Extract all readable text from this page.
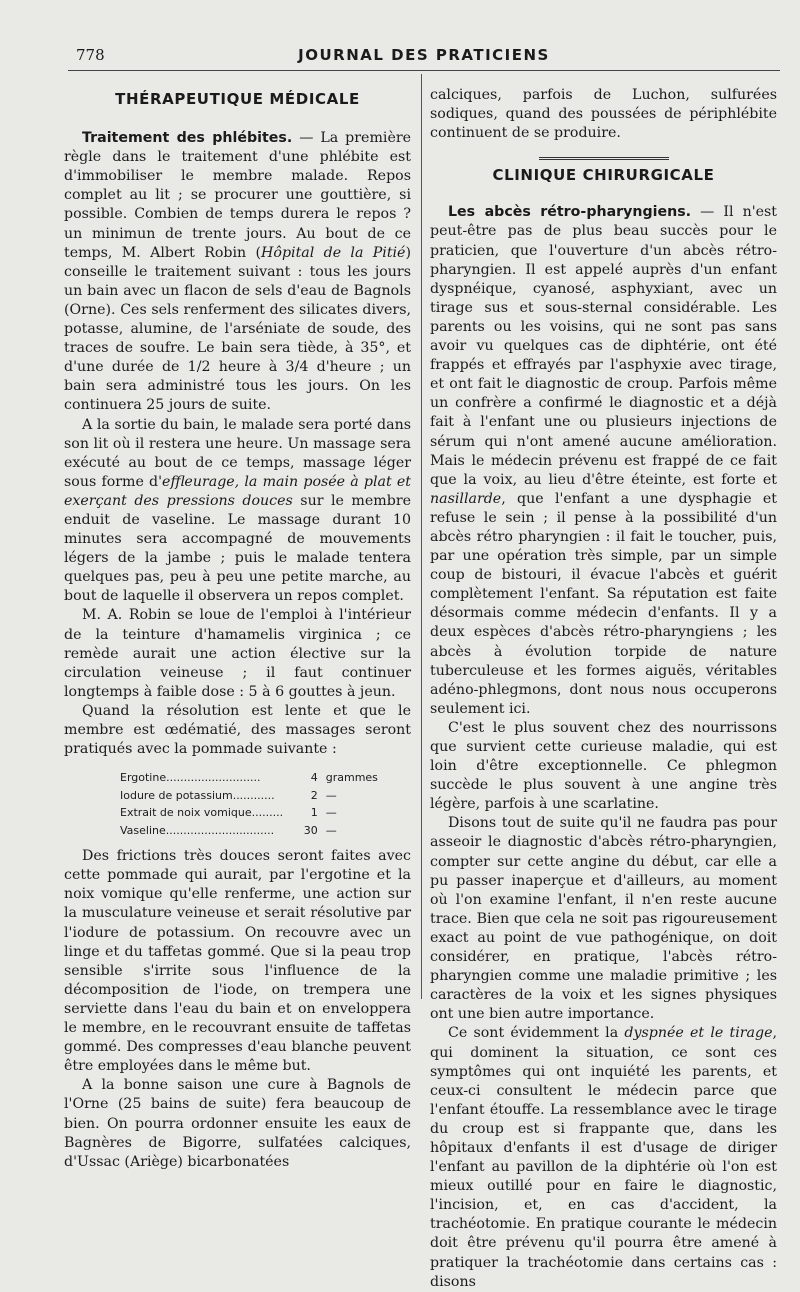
778	JOURNAL DES PRATICIENS
THÉRAPEUTIQUE MÉDICALE

Traitement des phlébites. — La première règle dans le traitement d'une phlébite est d'immobiliser le membre malade. Repos complet au lit ; se procurer une gouttière, si possible. Combien de temps durera le repos ? un minimun de trente jours. Au bout de ce temps, M. Albert Robin (Hôpital de la Pitié) conseille le traitement suivant : tous les jours un bain avec un flacon de sels d'eau de Bagnols (Orne). Ces sels renferment des silicates divers, potasse, alumine, de l'arséniate de soude, des traces de soufre. Le bain sera tiède, à 35°, et d'une durée de 1/2 heure à 3/4 d'heure ; un bain sera administré tous les jours. On les continuera 25 jours de suite.

A la sortie du bain, le malade sera porté dans son lit où il restera une heure. Un massage sera exécuté au bout de ce temps, massage léger sous forme d'effleurage, la main posée à plat et exerçant des pressions douces sur le membre enduit de vaseline. Le massage durant 10 minutes sera accompagné de mouvements légers de la jambe ; puis le malade tentera quelques pas, peu à peu une petite marche, au bout de laquelle il observera un repos complet.

M. A. Robin se loue de l'emploi à l'intérieur de la teinture d'hamamelis virginica ; ce remède aurait une action élective sur la circulation veineuse ; il faut continuer longtemps à faible dose : 5 à 6 gouttes à jeun.

Quand la résolution est lente et que le membre est œdématié, des massages seront pratiqués avec la pommade suivante :

Ergotine...........................	4 grammes
Iodure de potassium............	2 —
Extrait de noix vomique.........	1 —
Vaseline...............................	30 —

Des frictions très douces seront faites avec cette pommade qui aurait, par l'ergotine et la noix vomique qu'elle renferme, une action sur la musculature veineuse et serait résolutive par l'iodure de potassium. On recouvre avec un linge et du taffetas gommé. Que si la peau trop sensible s'irrite sous l'influence de la décomposition de l'iode, on trempera une serviette dans l'eau du bain et on enveloppera le membre, en le recouvrant ensuite de taffetas gommé. Des compresses d'eau blanche peuvent être employées dans le même but.

A la bonne saison une cure à Bagnols de l'Orne (25 bains de suite) fera beaucoup de bien. On pourra ordonner ensuite les eaux de Bagnères de Bigorre, sulfatées calciques, d'Ussac (Ariège) bicarbonatées

calciques, parfois de Luchon, sulfurées sodiques, quand des poussées de périphlébite continuent de se produire.

CLINIQUE CHIRURGICALE

Les abcès rétro-pharyngiens. — Il n'est peut-être pas de plus beau succès pour le praticien, que l'ouverture d'un abcès rétro-pharyngien. Il est appelé auprès d'un enfant dyspnéique, cyanosé, asphyxiant, avec un tirage sus et sous-sternal considérable. Les parents ou les voisins, qui ne sont pas sans avoir vu quelques cas de diphtérie, ont été frappés et effrayés par l'asphyxie avec tirage, et ont fait le diagnostic de croup. Parfois même un confrère a confirmé le diagnostic et a déjà fait à l'enfant une ou plusieurs injections de sérum qui n'ont amené aucune amélioration. Mais le médecin prévenu est frappé de ce fait que la voix, au lieu d'être éteinte, est forte et nasillarde, que l'enfant a une dysphagie et refuse le sein ; il pense à la possibilité d'un abcès rétro pharyngien : il fait le toucher, puis, par une opération très simple, par un simple coup de bistouri, il évacue l'abcès et guérit complètement l'enfant. Sa réputation est faite désormais comme médecin d'enfants. Il y a deux espèces d'abcès rétro-pharyngiens ; les abcès à évolution torpide de nature tuberculeuse et les formes aiguës, véritables adéno-phlegmons, dont nous nous occuperons seulement ici.

C'est le plus souvent chez des nourrissons que survient cette curieuse maladie, qui est loin d'être exceptionnelle. Ce phlegmon succède le plus souvent à une angine très légère, parfois à une scarlatine.

Disons tout de suite qu'il ne faudra pas pour asseoir le diagnostic d'abcès rétro-pharyngien, compter sur cette angine du début, car elle a pu passer inaperçue et d'ailleurs, au moment où l'on examine l'enfant, il n'en reste aucune trace. Bien que cela ne soit pas rigoureusement exact au point de vue pathogénique, on doit considérer, en pratique, l'abcès rétro-pharyngien comme une maladie primitive ; les caractères de la voix et les signes physiques ont une bien autre importance.

Ce sont évidemment la dyspnée et le tirage, qui dominent la situation, ce sont ces symptômes qui ont inquiété les parents, et ceux-ci consultent le médecin parce que l'enfant étouffe. La ressemblance avec le tirage du croup est si frappante que, dans les hôpitaux d'enfants il est d'usage de diriger l'enfant au pavillon de la diphtérie où l'on est mieux outillé pour en faire le diagnostic, l'incision, et, en cas d'accident, la trachéotomie. En pratique courante le médecin doit être prévenu qu'il pourra être amené à pratiquer la trachéotomie dans certains cas : disons
